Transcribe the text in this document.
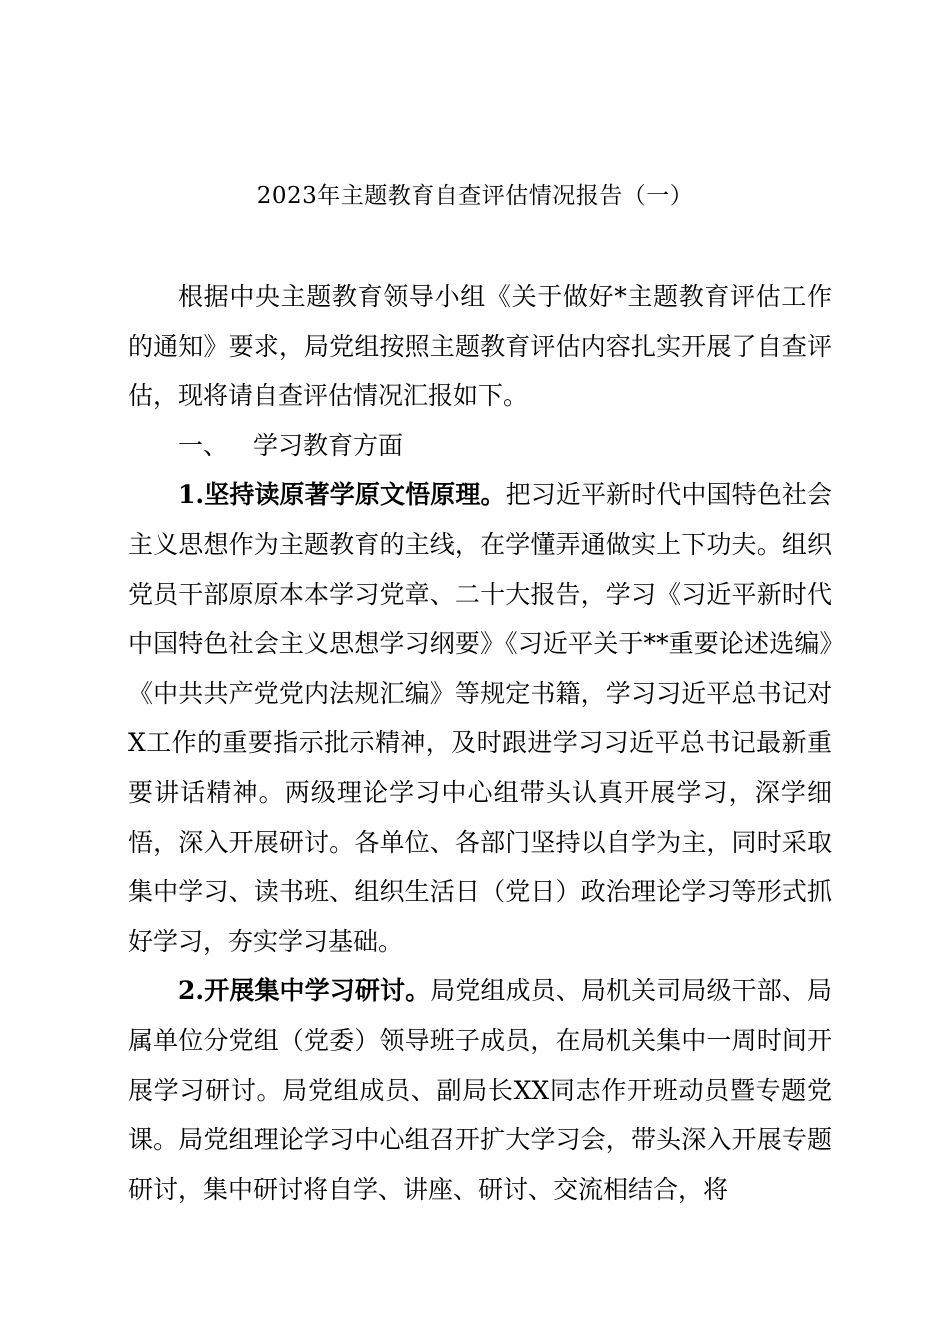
2023年主题教育自查评估情况报告（一）

根据中央主题教育领导小组《关于做好*主题教育评估工作的通知》要求，局党组按照主题教育评估内容扎实开展了自查评估，现将请自查评估情况汇报如下。

一、 学习教育方面

1.坚持读原著学原文悟原理。把习近平新时代中国特色社会主义思想作为主题教育的主线，在学懂弄通做实上下功夫。组织党员干部原原本本学习党章、二十大报告，学习《习近平新时代中国特色社会主义思想学习纲要》《习近平关于**重要论述选编》《中共共产党党内法规汇编》等规定书籍，学习习近平总书记对X工作的重要指示批示精神，及时跟进学习习近平总书记最新重要讲话精神。两级理论学习中心组带头认真开展学习，深学细悟，深入开展研讨。各单位、各部门坚持以自学为主，同时采取集中学习、读书班、组织生活日（党日）政治理论学习等形式抓好学习，夯实学习基础。

2.开展集中学习研讨。局党组成员、局机关司局级干部、局属单位分党组（党委）领导班子成员，在局机关集中一周时间开展学习研讨。局党组成员、副局长XX同志作开班动员暨专题党课。局党组理论学习中心组召开扩大学习会，带头深入开展专题研讨，集中研讨将自学、讲座、研讨、交流相结合，将
